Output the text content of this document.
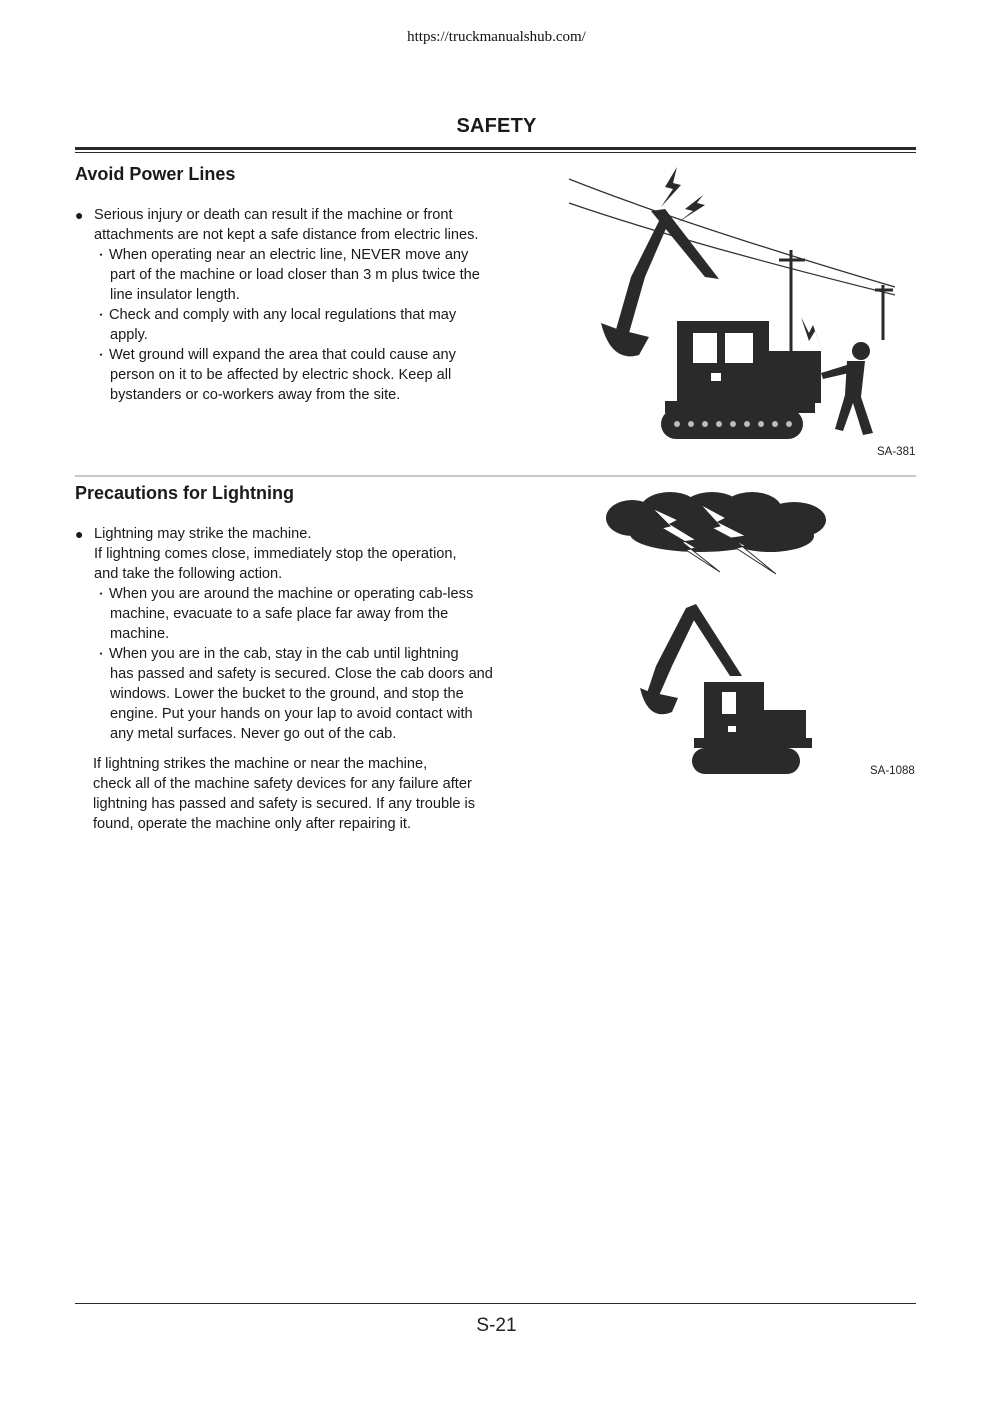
https://truckmanualshub.com/
SAFETY
Avoid Power Lines
● Serious injury or death can result if the machine or front
attachments are not kept a safe distance from electric lines.
・ When operating near an electric line, NEVER move any
part of the machine or load closer than 3 m plus twice the
line insulator length.
・ Check and comply with any local regulations that may
apply.
・ Wet ground will expand the area that could cause any
person on it to be affected by electric shock. Keep all
bystanders or co-workers away from the site.
SA-381
Precautions for Lightning
● Lightning may strike the machine.
If lightning comes close, immediately stop the operation,
and take the following action.
・ When you are around the machine or operating cab-less
machine, evacuate to a safe place far away from the
machine.
・ When you are in the cab, stay in the cab until lightning
has passed and safety is secured. Close the cab doors and
windows. Lower the bucket to the ground, and stop the
engine. Put your hands on your lap to avoid contact with
any metal surfaces. Never go out of the cab.
If lightning strikes the machine or near the machine,
check all of the machine safety devices for any failure after
lightning has passed and safety is secured. If any trouble is
found, operate the machine only after repairing it.
SA-1088
S-21
